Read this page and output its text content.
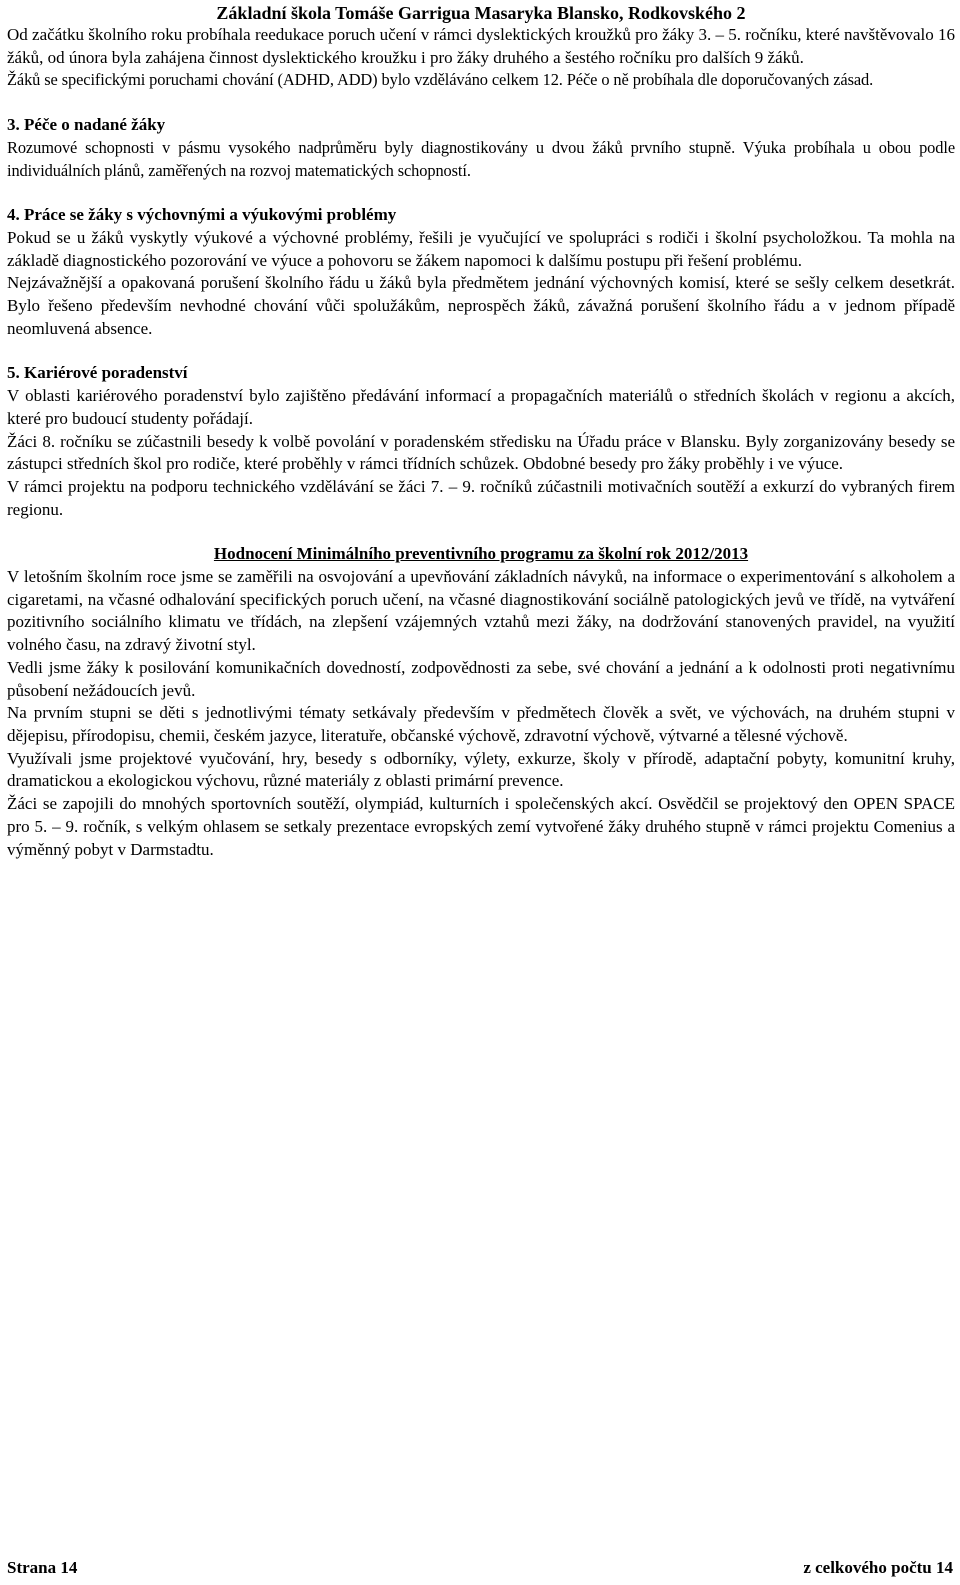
Základní škola Tomáše Garrigua Masaryka Blansko, Rodkovského 2

Od začátku školního roku probíhala reedukace poruch učení v rámci dyslektických kroužků pro žáky 3. – 5. ročníku, které navštěvovalo 16 žáků, od února byla zahájena činnost dyslektického kroužku i pro žáky druhého a šestého ročníku pro dalších 9 žáků.

Žáků se specifickými poruchami chování (ADHD, ADD) bylo vzděláváno celkem 12. Péče o ně probíhala dle doporučovaných zásad.

3. Péče o nadané žáky

Rozumové schopnosti v pásmu vysokého nadprůměru byly diagnostikovány u dvou žáků prvního stupně. Výuka probíhala u obou podle individuálních plánů, zaměřených na rozvoj matematických schopností.

4. Práce se žáky s výchovnými a výukovými problémy

Pokud se u žáků vyskytly výukové a výchovné problémy, řešili je vyučující ve spolupráci s rodiči i školní psycholožkou. Ta mohla na základě diagnostického pozorování ve výuce a pohovoru se žákem napomoci k dalšímu postupu při řešení problému.

Nejzávažnější a opakovaná porušení školního řádu u žáků byla předmětem jednání výchovných komisí, které se sešly celkem desetkrát. Bylo řešeno především nevhodné chování vůči spolužákům, neprospěch žáků, závažná porušení školního řádu a v jednom případě neomluvená absence.

5. Kariérové poradenství

V oblasti kariérového poradenství bylo zajištěno předávání informací a propagačních materiálů o středních školách v regionu a akcích, které pro budoucí studenty pořádají.

Žáci 8. ročníku se zúčastnili besedy k volbě povolání v poradenském středisku na Úřadu práce v Blansku. Byly zorganizovány besedy se zástupci středních škol pro rodiče, které proběhly v rámci třídních schůzek. Obdobné besedy pro žáky proběhly i ve výuce.

V rámci projektu na podporu technického vzdělávání se žáci 7. – 9. ročníků zúčastnili motivačních soutěží a exkurzí do vybraných firem regionu.

Hodnocení Minimálního preventivního programu za školní rok 2012/2013

V letošním školním roce jsme se zaměřili na osvojování a upevňování základních návyků, na informace o experimentování s alkoholem a cigaretami, na včasné odhalování specifických poruch učení, na včasné diagnostikování sociálně patologických jevů ve třídě, na vytváření pozitivního sociálního klimatu ve třídách, na zlepšení vzájemných vztahů mezi žáky, na dodržování stanovených pravidel, na využití volného času, na zdravý životní styl.

Vedli jsme žáky k posilování komunikačních dovedností, zodpovědnosti za sebe, své chování a jednání a k odolnosti proti negativnímu působení nežádoucích jevů.

Na prvním stupni se děti s jednotlivými tématy setkávaly především v předmětech člověk a svět, ve výchovách, na druhém stupni v dějepisu, přírodopisu, chemii, českém jazyce, literatuře, občanské výchově, zdravotní výchově, výtvarné a tělesné výchově.

Využívali jsme projektové vyučování, hry, besedy s odborníky, výlety, exkurze, školy v přírodě, adaptační pobyty, komunitní kruhy, dramatickou a ekologickou výchovu, různé materiály z oblasti primární prevence.

Žáci se zapojili do mnohých sportovních soutěží, olympiád, kulturních i společenských akcí. Osvědčil se projektový den OPEN SPACE pro 5. – 9. ročník, s velkým ohlasem se setkaly prezentace evropských zemí vytvořené žáky druhého stupně v rámci projektu Comenius a výměnný pobyt v Darmstadtu.

Strana 14	z celkového počtu 14
